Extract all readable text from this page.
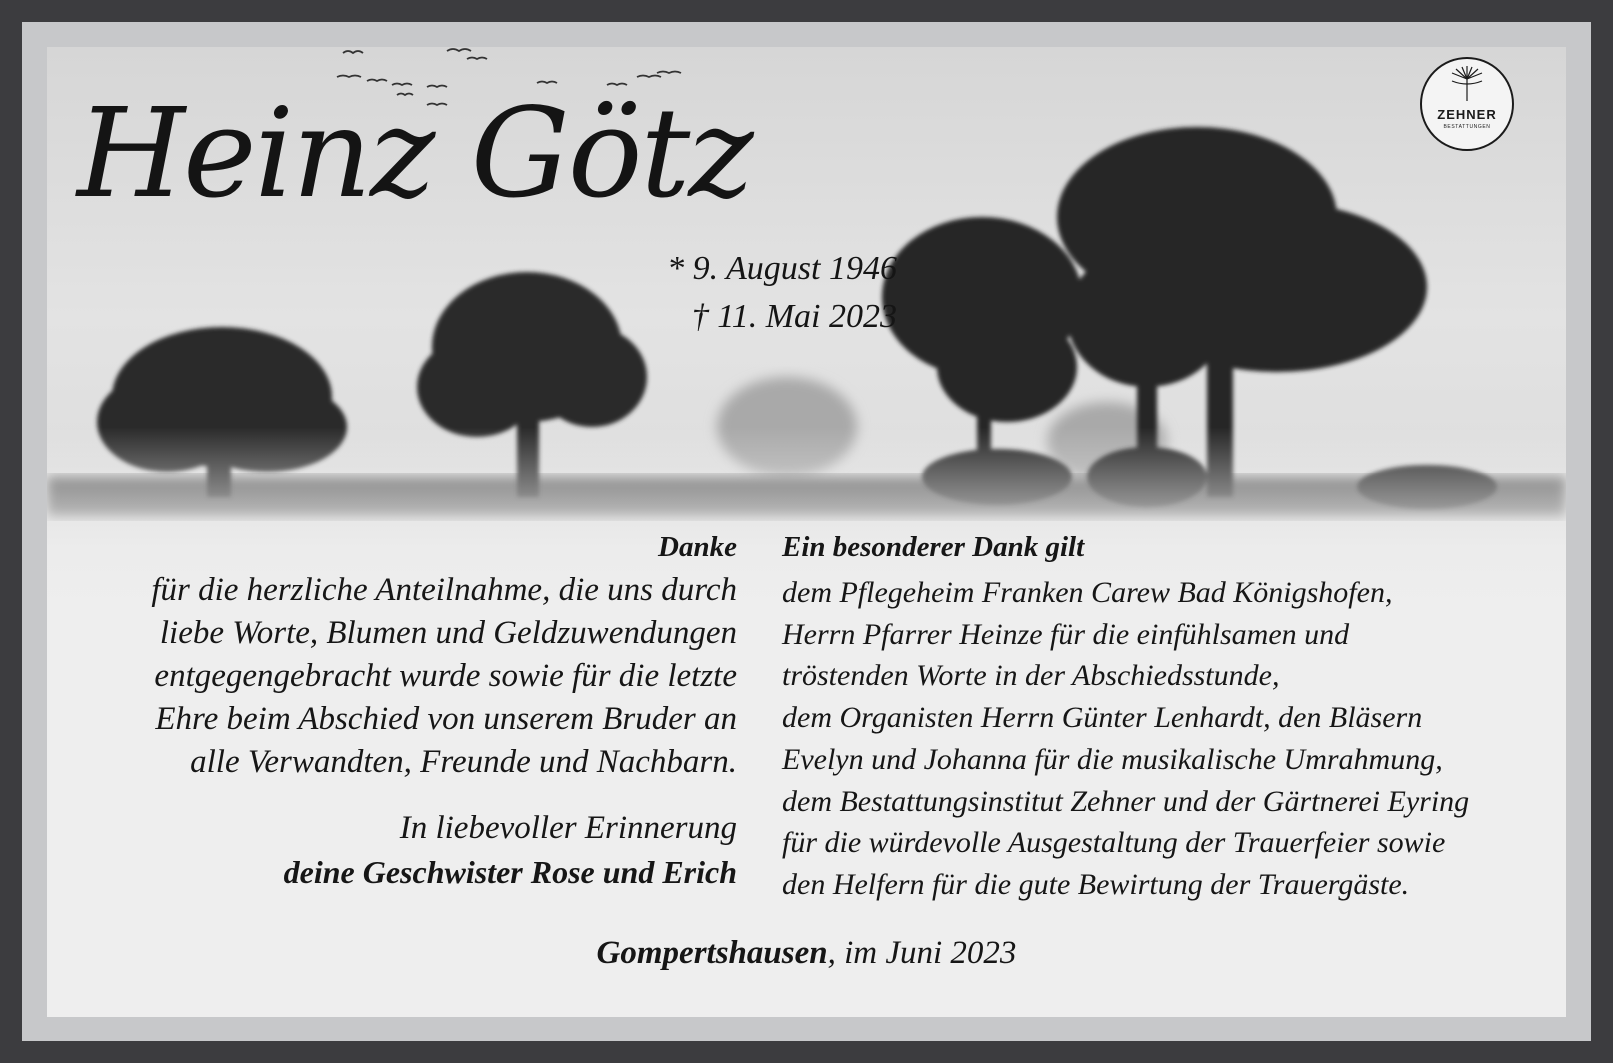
Heinz Götz
* 9. August 1946
† 11. Mai 2023
ZEHNER
BESTATTUNGEN
Danke
für die herzliche Anteilnahme, die uns durch
liebe Worte, Blumen und Geldzuwendungen
entgegengebracht wurde sowie für die letzte
Ehre beim Abschied von unserem Bruder an
alle Verwandten, Freunde und Nachbarn.
In liebevoller Erinnerung
deine Geschwister Rose und Erich
Ein besonderer Dank gilt
dem Pflegeheim Franken Carew Bad Königshofen,
Herrn Pfarrer Heinze für die einfühlsamen und
tröstenden Worte in der Abschiedsstunde,
dem Organisten Herrn Günter Lenhardt, den Bläsern
Evelyn und Johanna für die musikalische Umrahmung,
dem Bestattungsinstitut Zehner und der Gärtnerei Eyring
für die würdevolle Ausgestaltung der Trauerfeier sowie
den Helfern für die gute Bewirtung der Trauergäste.
Gompertshausen, im Juni 2023
